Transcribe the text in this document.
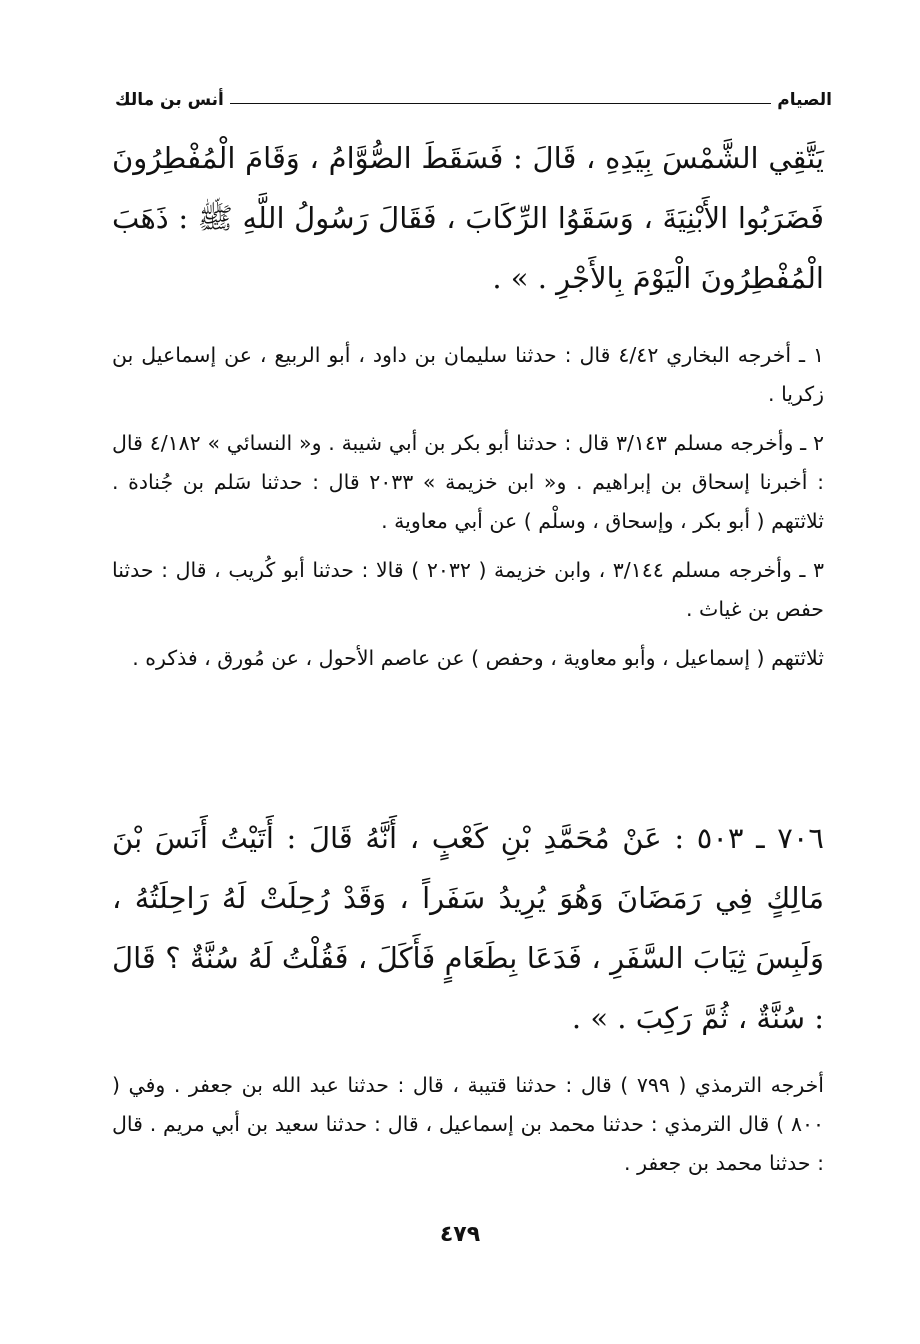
الصيام
أنس بن مالك
يَتَّقِي الشَّمْسَ بِيَدِهِ ، قَالَ : فَسَقَطَ الصُّوَّامُ ، وَقَامَ الْمُفْطِرُونَ فَضَرَبُوا الأَبْنِيَةَ ، وَسَقَوُا الرِّكَابَ ، فَقَالَ رَسُولُ اللَّهِ ﷺ : ذَهَبَ الْمُفْطِرُونَ الْيَوْمَ بِالأَجْرِ . » .

١ ـ أخرجه البخاري ٤/٤٢ قال : حدثنا سليمان بن داود ، أبو الربيع ، عن إسماعيل بن زكريا .

٢ ـ وأخرجه مسلم ٣/١٤٣ قال : حدثنا أبو بكر بن أبي شيبة . و« النسائي » ٤/١٨٢ قال : أخبرنا إسحاق بن إبراهيم . و« ابن خزيمة » ٢٠٣٣ قال : حدثنا سَلم بن جُنادة . ثلاثتهم ( أبو بكر ، وإسحاق ، وسلْم ) عن أبي معاوية .

٣ ـ وأخرجه مسلم ٣/١٤٤ ، وابن خزيمة ( ٢٠٣٢ ) قالا : حدثنا أبو كُريب ، قال : حدثنا حفص بن غياث .

ثلاثتهم ( إسماعيل ، وأبو معاوية ، وحفص ) عن عاصم الأحول ، عن مُورق ، فذكره .

٧٠٦ ـ ٥٠٣ : عَنْ مُحَمَّدِ بْنِ كَعْبٍ ، أَنَّهُ قَالَ : أَتَيْتُ أَنَسَ بْنَ مَالِكٍ فِي رَمَضَانَ وَهُوَ يُرِيدُ سَفَراً ، وَقَدْ رُحِلَتْ لَهُ رَاحِلَتُهُ ، وَلَبِسَ ثِيَابَ السَّفَرِ ، فَدَعَا بِطَعَامٍ فَأَكَلَ ، فَقُلْتُ لَهُ سُنَّةٌ ؟ قَالَ : سُنَّةٌ ، ثُمَّ رَكِبَ . » .

أخرجه الترمذي ( ٧٩٩ ) قال : حدثنا قتيبة ، قال : حدثنا عبد الله بن جعفر . وفي ( ٨٠٠ ) قال الترمذي : حدثنا محمد بن إسماعيل ، قال : حدثنا سعيد بن أبي مريم . قال : حدثنا محمد بن جعفر .

٤٧٩
